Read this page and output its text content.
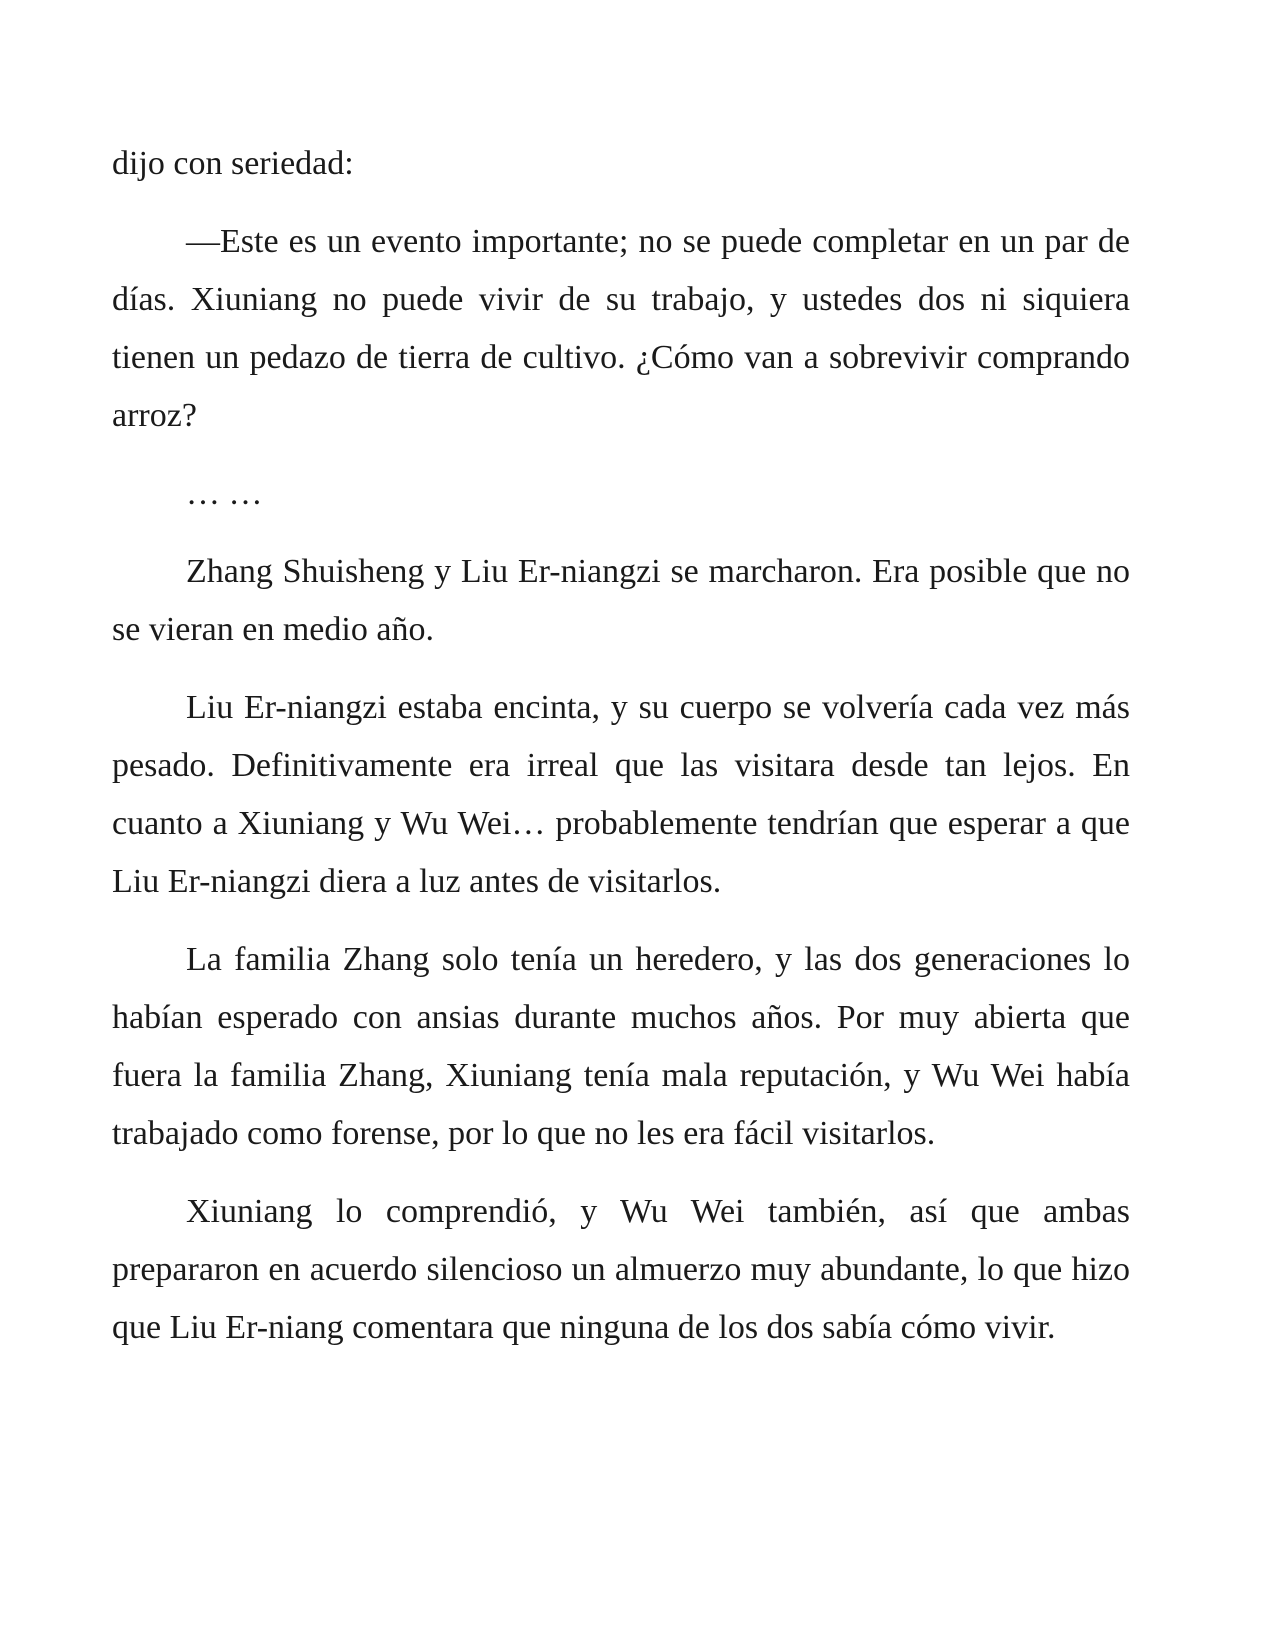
dijo con seriedad:

—Este es un evento importante; no se puede completar en un par de días. Xiuniang no puede vivir de su trabajo, y ustedes dos ni siquiera tienen un pedazo de tierra de cultivo. ¿Cómo van a sobrevivir comprando arroz?

… …

Zhang Shuisheng y Liu Er-niangzi se marcharon. Era posible que no se vieran en medio año.

Liu Er-niangzi estaba encinta, y su cuerpo se volvería cada vez más pesado. Definitivamente era irreal que las visitara desde tan lejos. En cuanto a Xiuniang y Wu Wei… probablemente tendrían que esperar a que Liu Er-niangzi diera a luz antes de visitarlos.

La familia Zhang solo tenía un heredero, y las dos generaciones lo habían esperado con ansias durante muchos años. Por muy abierta que fuera la familia Zhang, Xiuniang tenía mala reputación, y Wu Wei había trabajado como forense, por lo que no les era fácil visitarlos.

Xiuniang lo comprendió, y Wu Wei también, así que ambas prepararon en acuerdo silencioso un almuerzo muy abundante, lo que hizo que Liu Er-niang comentara que ninguna de los dos sabía cómo vivir.
